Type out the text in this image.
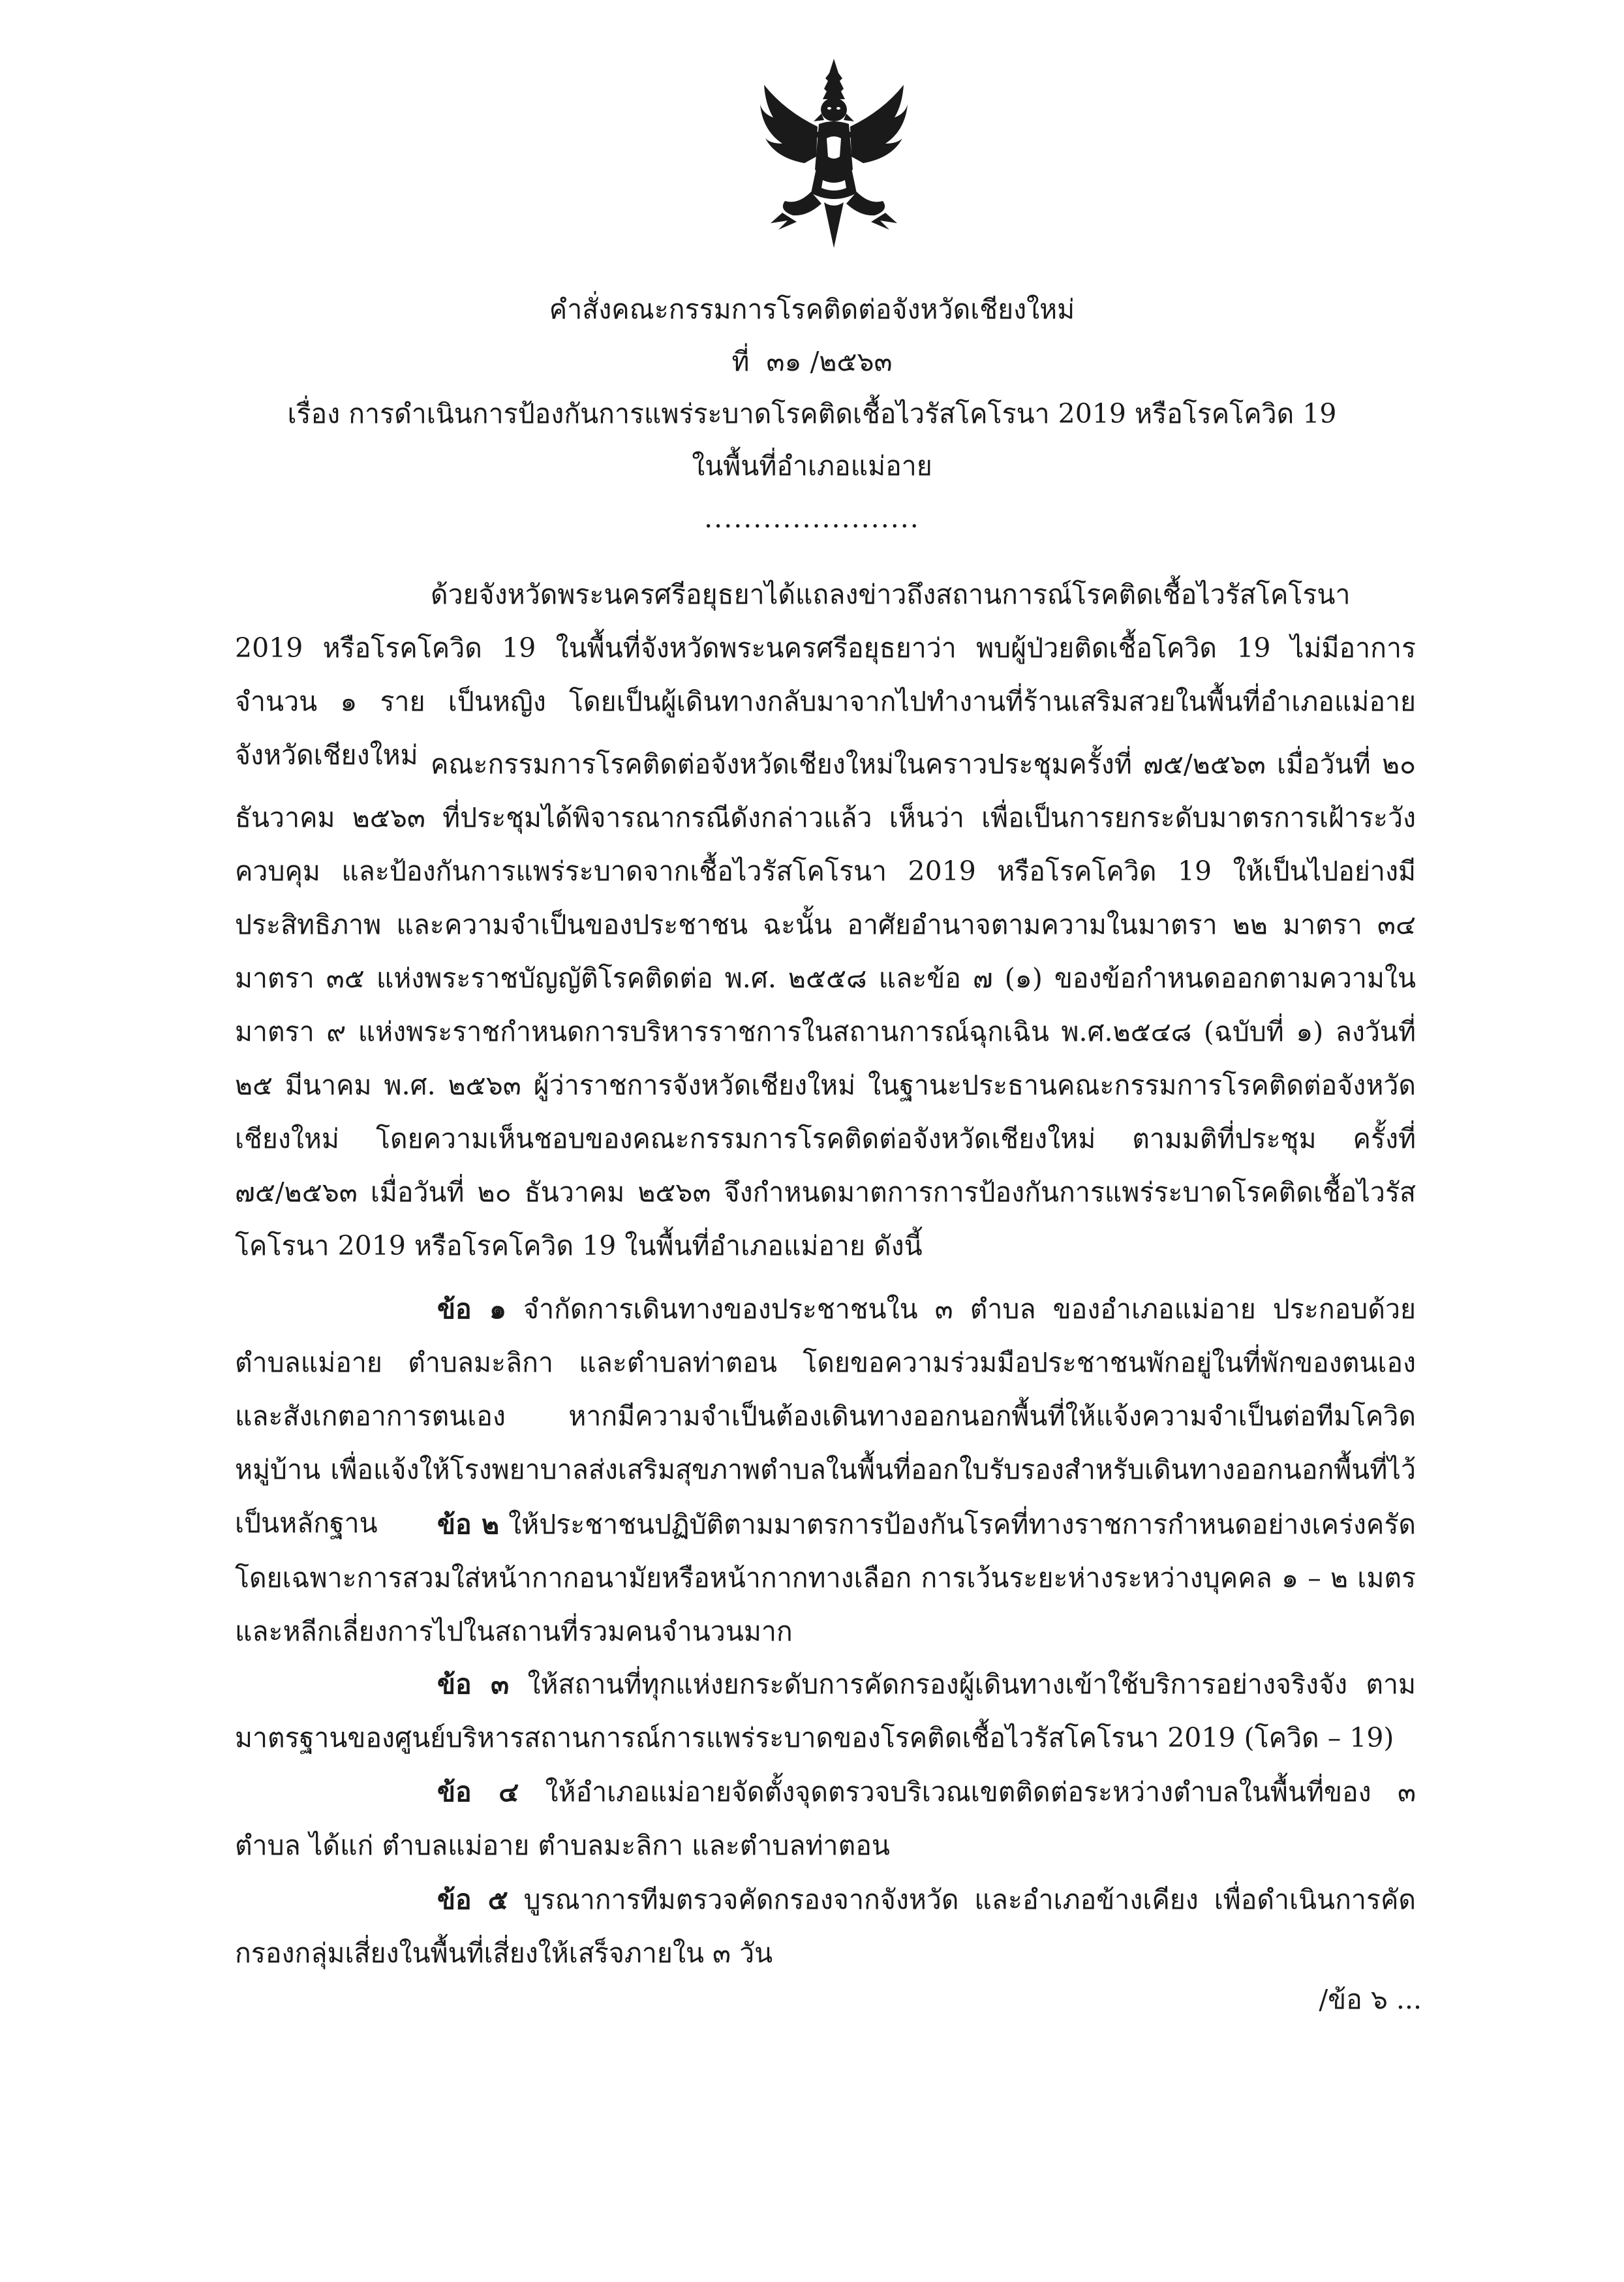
คำสั่งคณะกรรมการโรคติดต่อจังหวัดเชียงใหม่
ที่ ๓๑ /๒๕๖๓
เรื่อง การดำเนินการป้องกันการแพร่ระบาดโรคติดเชื้อไวรัสโคโรนา 2019 หรือโรคโควิด 19
ในพื้นที่อำเภอแม่อาย
......................

ด้วยจังหวัดพระนครศรีอยุธยาได้แถลงข่าวถึงสถานการณ์โรคติดเชื้อไวรัสโคโรนา 2019 หรือโรคโควิด 19 ในพื้นที่จังหวัดพระนครศรีอยุธยาว่า พบผู้ป่วยติดเชื้อโควิด 19 ไม่มีอาการ จำนวน ๑ ราย เป็นหญิง โดยเป็นผู้เดินทางกลับมาจากไปทำงานที่ร้านเสริมสวยในพื้นที่อำเภอแม่อาย จังหวัดเชียงใหม่ คณะกรรมการโรคติดต่อจังหวัดเชียงใหม่ในคราวประชุมครั้งที่ ๗๕/๒๕๖๓ เมื่อวันที่ ๒๐ ธันวาคม ๒๕๖๓ ที่ประชุมได้พิจารณากรณีดังกล่าวแล้ว เห็นว่า เพื่อเป็นการยกระดับมาตรการเฝ้าระวัง ควบคุม และป้องกันการแพร่ระบาดจากเชื้อไวรัสโคโรนา 2019 หรือโรคโควิด 19 ให้เป็นไปอย่างมีประสิทธิภาพ และความจำเป็นของประชาชน ฉะนั้น อาศัยอำนาจตามความในมาตรา ๒๒ มาตรา ๓๔ มาตรา ๓๕ แห่งพระราชบัญญัติโรคติดต่อ พ.ศ. ๒๕๕๘ และข้อ ๗ (๑) ของข้อกำหนดออกตามความในมาตรา ๙ แห่งพระราชกำหนดการบริหารราชการในสถานการณ์ฉุกเฉิน พ.ศ.๒๕๔๘ (ฉบับที่ ๑) ลงวันที่ ๒๕ มีนาคม พ.ศ. ๒๕๖๓ ผู้ว่าราชการจังหวัดเชียงใหม่ ในฐานะประธานคณะกรรมการโรคติดต่อจังหวัดเชียงใหม่ โดยความเห็นชอบของคณะกรรมการโรคติดต่อจังหวัดเชียงใหม่ ตามมติที่ประชุม ครั้งที่ ๗๕/๒๕๖๓ เมื่อวันที่ ๒๐ ธันวาคม ๒๕๖๓ จึงกำหนดมาตการการป้องกันการแพร่ระบาดโรคติดเชื้อไวรัสโคโรนา 2019 หรือโรคโควิด 19 ในพื้นที่อำเภอแม่อาย ดังนี้

ข้อ ๑ จำกัดการเดินทางของประชาชนใน ๓ ตำบล ของอำเภอแม่อาย ประกอบด้วย ตำบลแม่อาย ตำบลมะลิกา และตำบลท่าตอน โดยขอความร่วมมือประชาชนพักอยู่ในที่พักของตนเอง และสังเกตอาการตนเอง หากมีความจำเป็นต้องเดินทางออกนอกพื้นที่ให้แจ้งความจำเป็นต่อทีมโควิดหมู่บ้าน เพื่อแจ้งให้โรงพยาบาลส่งเสริมสุขภาพตำบลในพื้นที่ออกใบรับรองสำหรับเดินทางออกนอกพื้นที่ไว้เป็นหลักฐาน	ข้อ ๒ ให้ประชาชนปฏิบัติตามมาตรการป้องกันโรคที่ทางราชการกำหนดอย่างเคร่งครัด โดยเฉพาะการสวมใส่หน้ากากอนามัยหรือหน้ากากทางเลือก การเว้นระยะห่างระหว่างบุคคล ๑ – ๒ เมตร และหลีกเลี่ยงการไปในสถานที่รวมคนจำนวนมาก

ข้อ ๓ ให้สถานที่ทุกแห่งยกระดับการคัดกรองผู้เดินทางเข้าใช้บริการอย่างจริงจัง ตามมาตรฐานของศูนย์บริหารสถานการณ์การแพร่ระบาดของโรคติดเชื้อไวรัสโคโรนา 2019 (โควิด – 19)

ข้อ ๔ ให้อำเภอแม่อายจัดตั้งจุดตรวจบริเวณเขตติดต่อระหว่างตำบลในพื้นที่ของ ๓ ตำบล ได้แก่ ตำบลแม่อาย ตำบลมะลิกา และตำบลท่าตอน

ข้อ ๕ บูรณาการทีมตรวจคัดกรองจากจังหวัด และอำเภอข้างเคียง เพื่อดำเนินการคัดกรองกลุ่มเสี่ยงในพื้นที่เสี่ยงให้เสร็จภายใน ๓ วัน

/ข้อ ๖ ...
